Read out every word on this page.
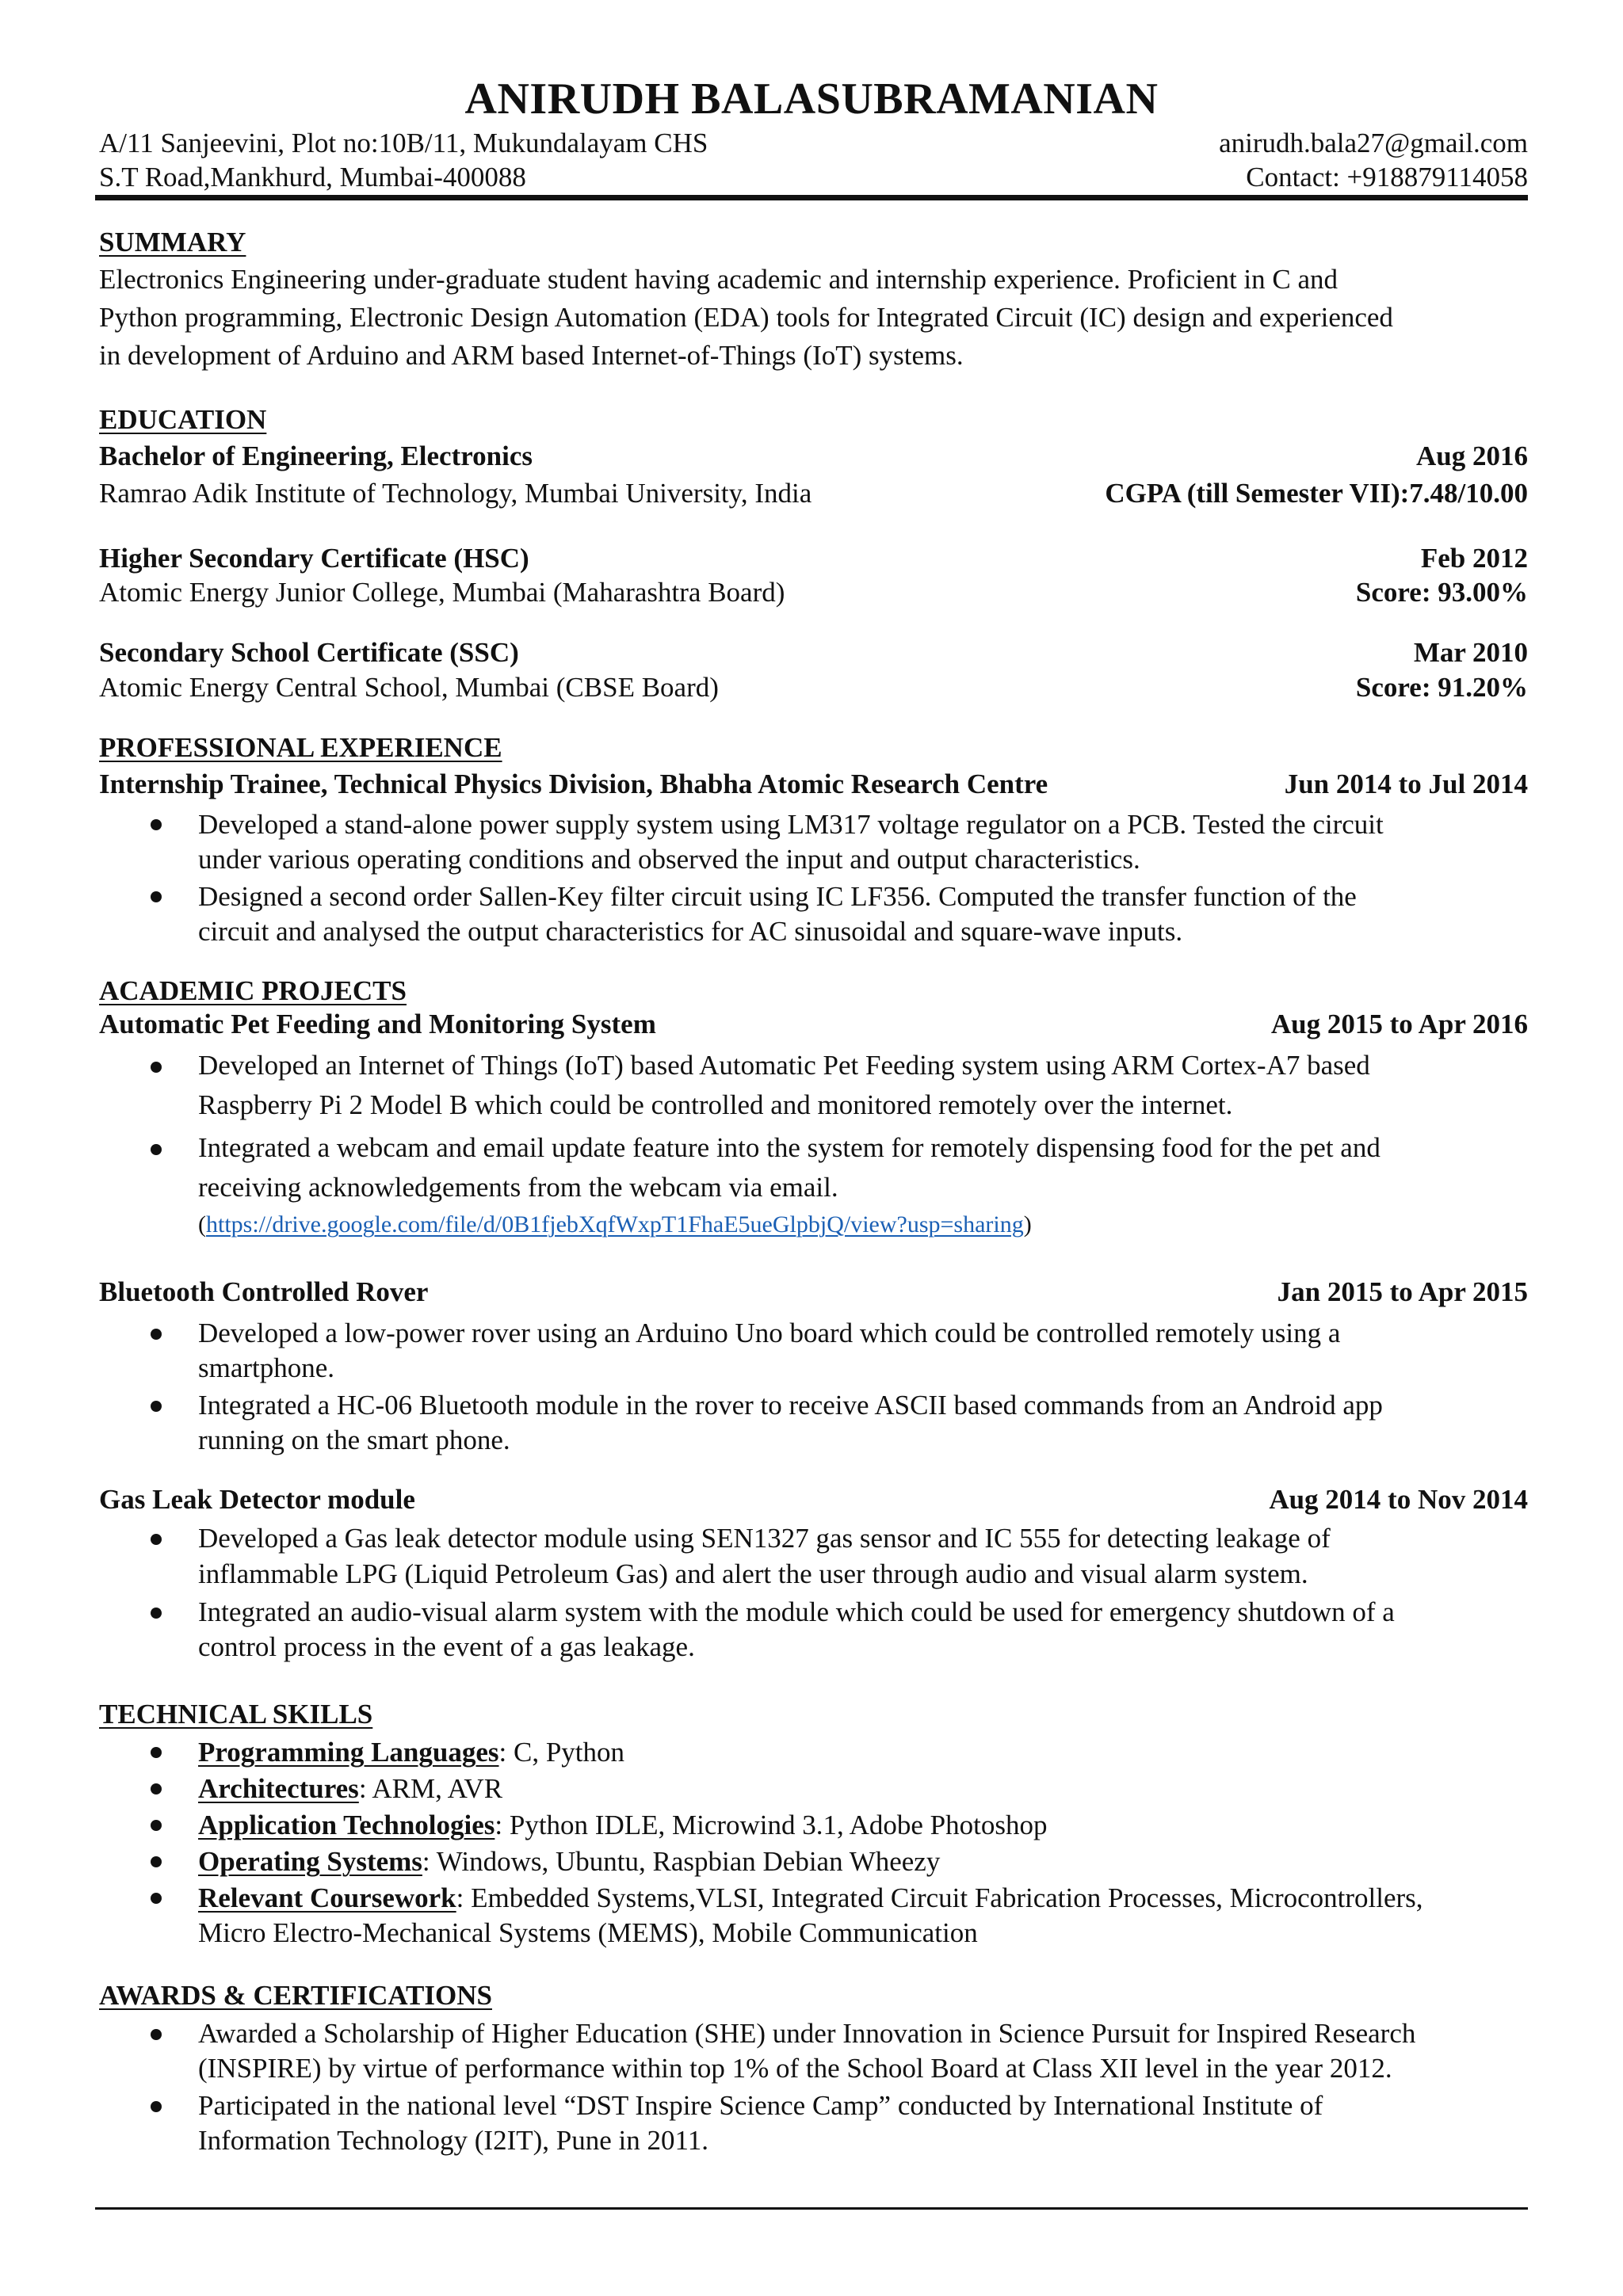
ANIRUDH BALASUBRAMANIAN
A/11 Sanjeevini, Plot no:10B/11, Mukundalayam CHS
S.T Road,Mankhurd, Mumbai-400088
anirudh.bala27@gmail.com
Contact: +918879114058
SUMMARY
Electronics Engineering under-graduate student having academic and internship experience. Proficient in C and
Python programming, Electronic Design Automation (EDA) tools for Integrated Circuit (IC) design and experienced
in development of Arduino and ARM based Internet-of-Things (IoT) systems.
EDUCATION
Bachelor of Engineering, Electronics	Aug 2016
Ramrao Adik Institute of Technology, Mumbai University, India	CGPA (till Semester VII):7.48/10.00
Higher Secondary Certificate (HSC)	Feb 2012
Atomic Energy Junior College, Mumbai (Maharashtra Board)	Score: 93.00%
Secondary School Certificate (SSC)	Mar 2010
Atomic Energy Central School, Mumbai (CBSE Board)	Score: 91.20%
PROFESSIONAL EXPERIENCE
Internship Trainee, Technical Physics Division, Bhabha Atomic Research Centre	Jun 2014 to Jul 2014
Developed a stand-alone power supply system using LM317 voltage regulator on a PCB. Tested the circuit
under various operating conditions and observed the input and output characteristics.
Designed a second order Sallen-Key filter circuit using IC LF356. Computed the transfer function of the
circuit and analysed the output characteristics for AC sinusoidal and square-wave inputs.
ACADEMIC PROJECTS
Automatic Pet Feeding and Monitoring System	Aug 2015 to Apr 2016
Developed an Internet of Things (IoT) based Automatic Pet Feeding system using ARM Cortex-A7 based
Raspberry Pi 2 Model B which could be controlled and monitored remotely over the internet.
Integrated a webcam and email update feature into the system for remotely dispensing food for the pet and
receiving acknowledgements from the webcam via email.
(https://drive.google.com/file/d/0B1fjebXqfWxpT1FhaE5ueGlpbjQ/view?usp=sharing)
Bluetooth Controlled Rover	Jan 2015 to Apr 2015
Developed a low-power rover using an Arduino Uno board which could be controlled remotely using a
smartphone.
Integrated a HC-06 Bluetooth module in the rover to receive ASCII based commands from an Android app
running on the smart phone.
Gas Leak Detector module	Aug 2014 to Nov 2014
Developed a Gas leak detector module using SEN1327 gas sensor and IC 555 for detecting leakage of
inflammable LPG (Liquid Petroleum Gas) and alert the user through audio and visual alarm system.
Integrated an audio-visual alarm system with the module which could be used for emergency shutdown of a
control process in the event of a gas leakage.
TECHNICAL SKILLS
Programming Languages: C, Python
Architectures: ARM, AVR
Application Technologies: Python IDLE, Microwind 3.1, Adobe Photoshop
Operating Systems: Windows, Ubuntu, Raspbian Debian Wheezy
Relevant Coursework: Embedded Systems,VLSI, Integrated Circuit Fabrication Processes, Microcontrollers,
Micro Electro-Mechanical Systems (MEMS), Mobile Communication
AWARDS & CERTIFICATIONS
Awarded a Scholarship of Higher Education (SHE) under Innovation in Science Pursuit for Inspired Research
(INSPIRE) by virtue of performance within top 1% of the School Board at Class XII level in the year 2012.
Participated in the national level “DST Inspire Science Camp” conducted by International Institute of
Information Technology (I2IT), Pune in 2011.
